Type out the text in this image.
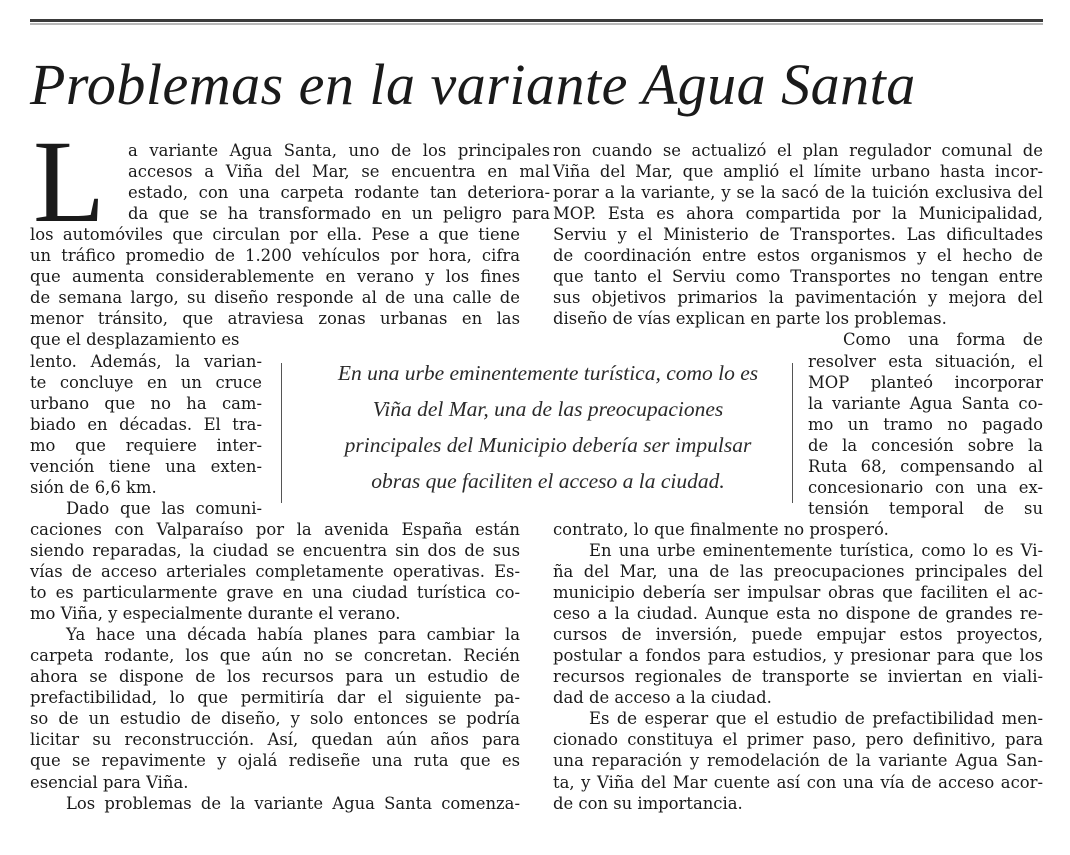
Problemas en la variante Agua Santa
L a variante Agua Santa, uno de los principales
accesos a Viña del Mar, se encuentra en mal
estado, con una carpeta rodante tan deteriora-
da que se ha transformado en un peligro para
los automóviles que circulan por ella. Pese a que tiene
un tráfico promedio de 1.200 vehículos por hora, cifra
que aumenta considerablemente en verano y los fines
de semana largo, su diseño responde al de una calle de
menor tránsito, que atraviesa zonas urbanas en las
que el desplazamiento es
lento. Además, la varian-
te concluye en un cruce
urbano que no ha cam-
biado en décadas. El tra-
mo que requiere inter-
vención tiene una exten-
sión de 6,6 km.
Dado que las comuni-
caciones con Valparaíso por la avenida España están
siendo reparadas, la ciudad se encuentra sin dos de sus
vías de acceso arteriales completamente operativas. Es-
to es particularmente grave en una ciudad turística co-
mo Viña, y especialmente durante el verano.
Ya hace una década había planes para cambiar la
carpeta rodante, los que aún no se concretan. Recién
ahora se dispone de los recursos para un estudio de
prefactibilidad, lo que permitiría dar el siguiente pa-
so de un estudio de diseño, y solo entonces se podría
licitar su reconstrucción. Así, quedan aún años para
que se repavimente y ojalá rediseñe una ruta que es
esencial para Viña.
Los problemas de la variante Agua Santa comenza-
ron cuando se actualizó el plan regulador comunal de
Viña del Mar, que amplió el límite urbano hasta incor-
porar a la variante, y se la sacó de la tuición exclusiva del
MOP. Esta es ahora compartida por la Municipalidad,
Serviu y el Ministerio de Transportes. Las dificultades
de coordinación entre estos organismos y el hecho de
que tanto el Serviu como Transportes no tengan entre
sus objetivos primarios la pavimentación y mejora del
diseño de vías explican en parte los problemas.
Como una forma de
resolver esta situación, el
MOP planteó incorporar
la variante Agua Santa co-
mo un tramo no pagado
de la concesión sobre la
Ruta 68, compensando al
concesionario con una ex-
tensión temporal de su
contrato, lo que finalmente no prosperó.
En una urbe eminentemente turística, como lo es Vi-
ña del Mar, una de las preocupaciones principales del
municipio debería ser impulsar obras que faciliten el ac-
ceso a la ciudad. Aunque esta no dispone de grandes re-
cursos de inversión, puede empujar estos proyectos,
postular a fondos para estudios, y presionar para que los
recursos regionales de transporte se inviertan en viali-
dad de acceso a la ciudad.
Es de esperar que el estudio de prefactibilidad men-
cionado constituya el primer paso, pero definitivo, para
una reparación y remodelación de la variante Agua San-
ta, y Viña del Mar cuente así con una vía de acceso acor-
de con su importancia.
En una urbe eminentemente turística, como lo es
Viña del Mar, una de las preocupaciones
principales del Municipio debería ser impulsar
obras que faciliten el acceso a la ciudad.
